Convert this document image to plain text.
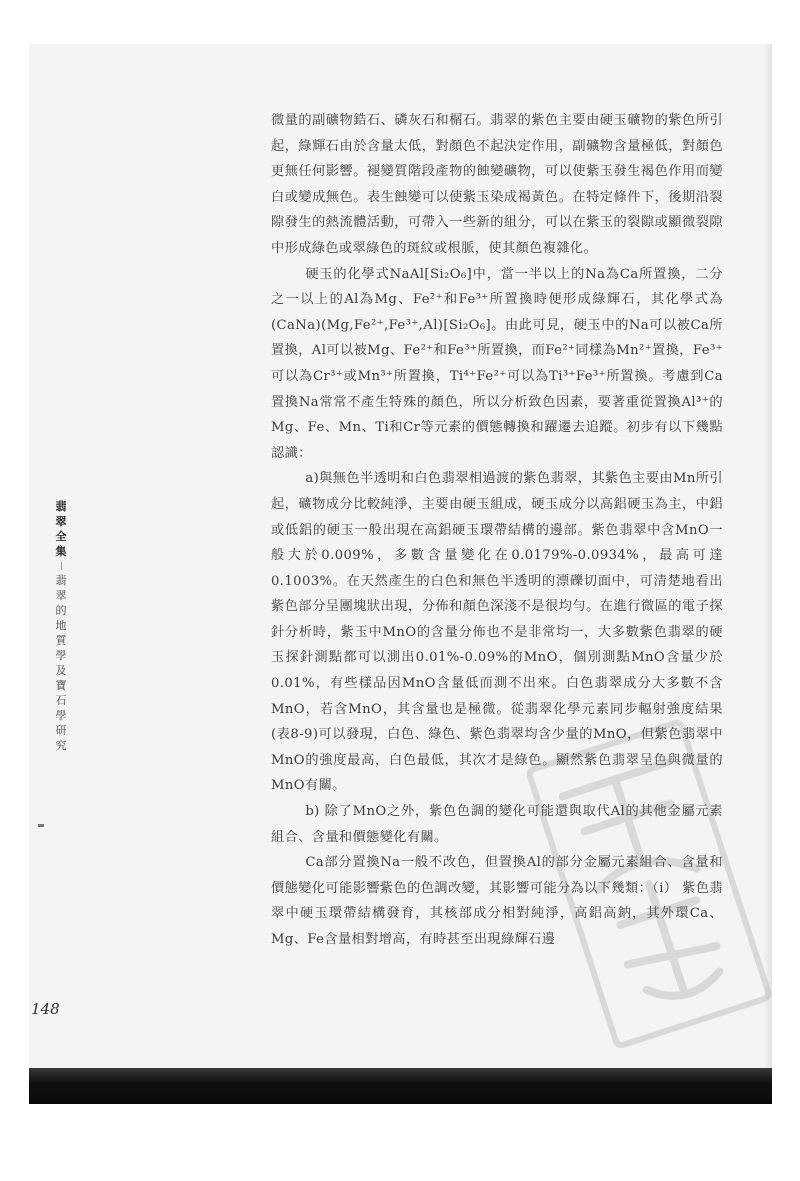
翡翠全集
翡翠的地質學及寶石學研究
148

微量的副礦物鋯石、磷灰石和榍石。翡翠的紫色主要由硬玉礦物的紫色所引起，綠輝石由於含量太低，對顏色不起決定作用，副礦物含量極低，對顏色更無任何影響。褪變質階段產物的蝕變礦物，可以使紫玉發生褐色作用而變白或變成無色。表生蝕變可以使紫玉染成褐黃色。在特定條件下，後期沿裂隙發生的熱流體活動，可帶入一些新的組分，可以在紫玉的裂隙或顯微裂隙中形成綠色或翠綠色的斑紋或根脈，使其顏色複雜化。

硬玉的化學式NaAl[Si₂O₆]中，當一半以上的Na為Ca所置換，二分之一以上的Al為Mg、Fe²⁺和Fe³⁺所置換時便形成綠輝石，其化學式為(CaNa)(Mg,Fe²⁺,Fe³⁺,Al)[Si₂O₆]。由此可見，硬玉中的Na可以被Ca所置換，Al可以被Mg、Fe²⁺和Fe³⁺所置換，而Fe²⁺同樣為Mn²⁺置換，Fe³⁺可以為Cr³⁺或Mn³⁺所置換，Ti⁴⁺Fe²⁺可以為Ti³⁺Fe³⁺所置換。考慮到Ca置換Na常常不產生特殊的顏色，所以分析致色因素，要著重從置換Al³⁺的Mg、Fe、Mn、Ti和Cr等元素的價態轉換和躍遷去追蹤。初步有以下幾點認識：

a)與無色半透明和白色翡翠相過渡的紫色翡翠，其紫色主要由Mn所引起，礦物成分比較純淨，主要由硬玉組成，硬玉成分以高鋁硬玉為主，中鋁或低鋁的硬玉一般出現在高鋁硬玉環帶結構的邊部。紫色翡翠中含MnO一般大於0.009%，多數含量變化在0.0179%-0.0934%，最高可達0.1003%。在天然產生的白色和無色半透明的漂礫切面中，可清楚地看出紫色部分呈團塊狀出現，分佈和顏色深淺不是很均勻。在進行微區的電子探針分析時，紫玉中MnO的含量分佈也不是非常均一，大多數紫色翡翠的硬玉探針測點都可以測出0.01%-0.09%的MnO，個別測點MnO含量少於0.01%，有些樣品因MnO含量低而測不出來。白色翡翠成分大多數不含MnO，若含MnO，其含量也是極微。從翡翠化學元素同步輻射強度結果(表8-9)可以發現，白色、綠色、紫色翡翠均含少量的MnO，但紫色翡翠中MnO的強度最高，白色最低，其次才是綠色。顯然紫色翡翠呈色與微量的MnO有關。

b) 除了MnO之外，紫色色調的變化可能還與取代Al的其他金屬元素組合、含量和價態變化有關。

Ca部分置換Na一般不改色，但置換Al的部分金屬元素組合、含量和價態變化可能影響紫色的色調改變，其影響可能分為以下幾類：（i） 紫色翡翠中硬玉環帶結構發育，其核部成分相對純淨，高鋁高鈉，其外環Ca、Mg、Fe含量相對增高，有時甚至出現綠輝石邊
